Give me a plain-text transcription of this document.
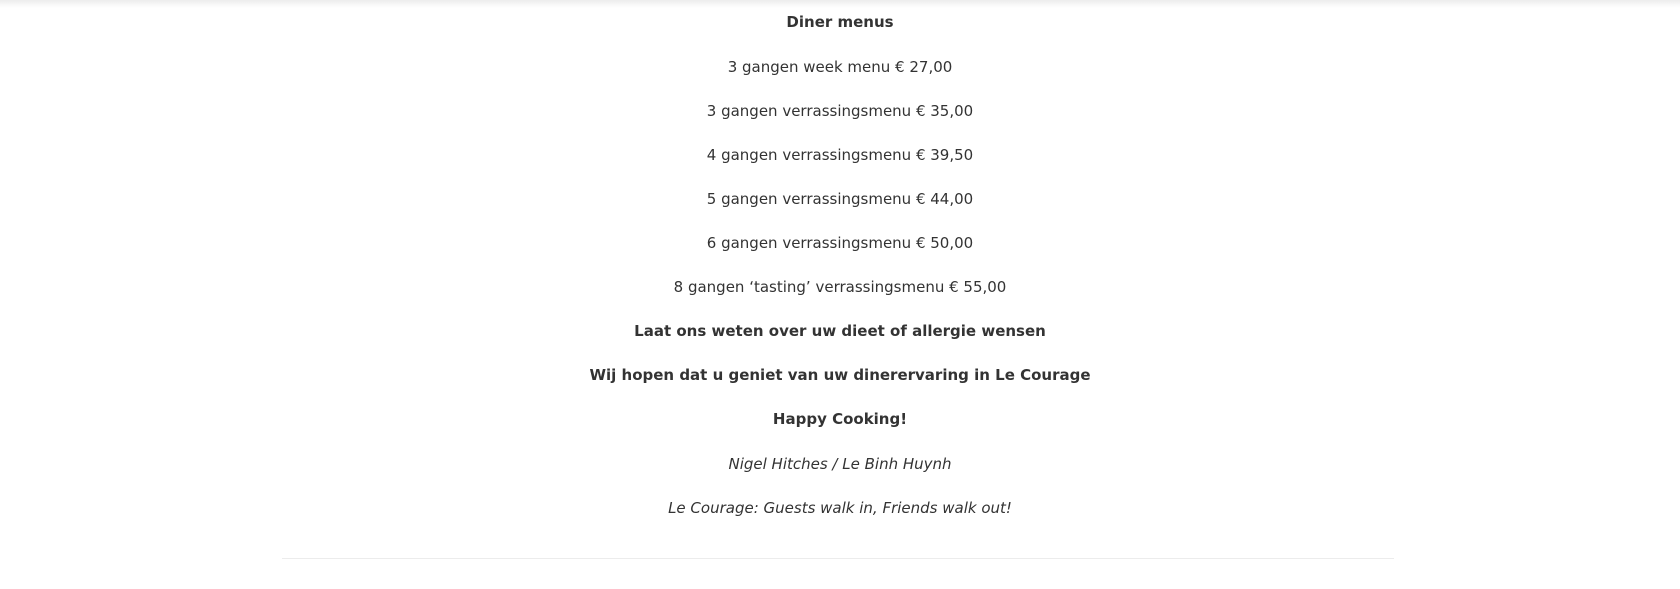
Diner menus
3 gangen week menu € 27,00
3 gangen verrassingsmenu € 35,00
4 gangen verrassingsmenu € 39,50
5 gangen verrassingsmenu € 44,00
6 gangen verrassingsmenu € 50,00
8 gangen ‘tasting’ verrassingsmenu € 55,00
Laat ons weten over uw dieet of allergie wensen
Wij hopen dat u geniet van uw dinerervaring in Le Courage
Happy Cooking!
Nigel Hitches / Le Binh Huynh
Le Courage: Guests walk in, Friends walk out!
